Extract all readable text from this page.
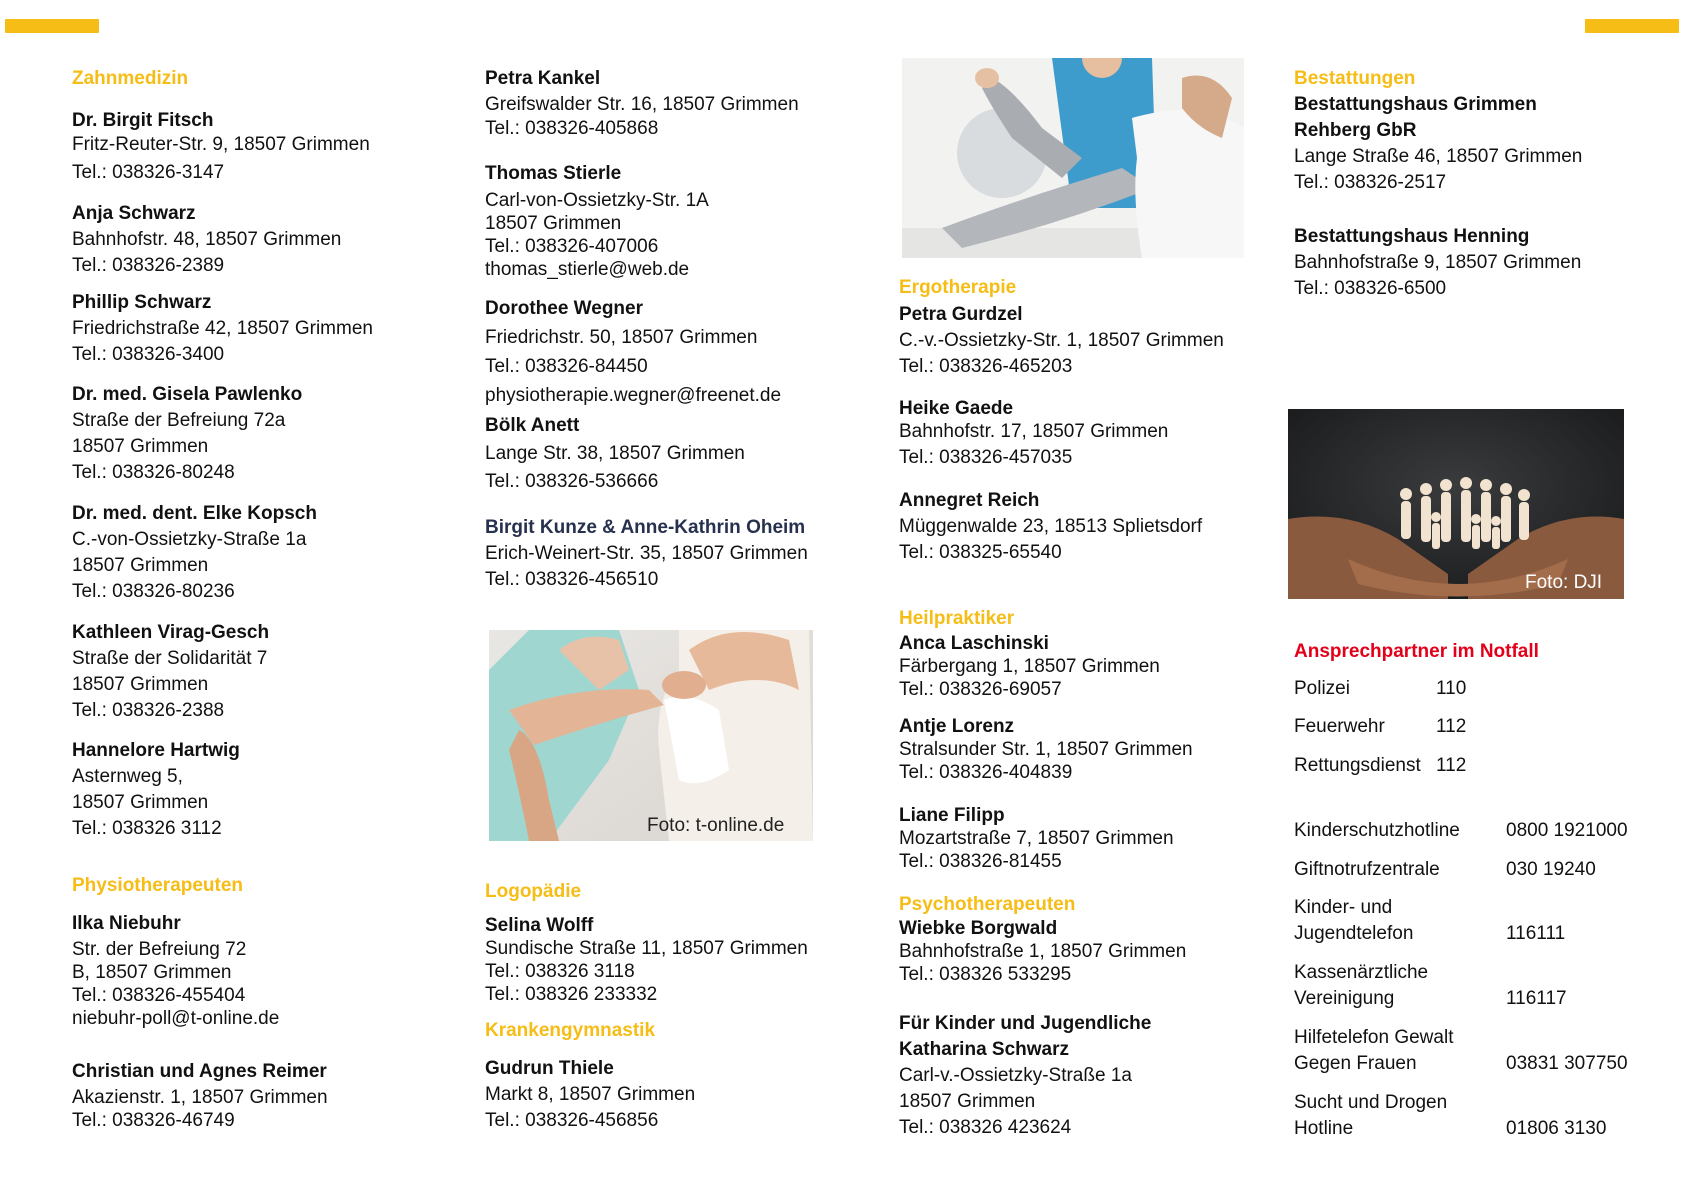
Zahnmedizin
Dr. Birgit Fitsch
Fritz-Reuter-Str. 9, 18507 Grimmen
Tel.: 038326-3147
Anja Schwarz
Bahnhofstr. 48, 18507 Grimmen
Tel.: 038326-2389
Phillip Schwarz
Friedrichstraße 42, 18507 Grimmen
Tel.: 038326-3400
Dr. med. Gisela Pawlenko
Straße der Befreiung 72a
18507 Grimmen
Tel.: 038326-80248
Dr. med. dent. Elke Kopsch
C.-von-Ossietzky-Straße 1a
18507 Grimmen
Tel.: 038326-80236
Kathleen Virag-Gesch
Straße der Solidarität 7
18507 Grimmen
Tel.: 038326-2388
Hannelore Hartwig
Asternweg 5,
18507 Grimmen
Tel.: 038326 3112
Physiotherapeuten
Ilka Niebuhr
Str. der Befreiung 72
B, 18507 Grimmen
Tel.: 038326-455404
niebuhr-poll@t-online.de
Christian und Agnes Reimer
Akazienstr. 1, 18507 Grimmen
Tel.: 038326-46749
Petra Kankel
Greifswalder Str. 16, 18507 Grimmen
Tel.: 038326-405868
Thomas Stierle
Carl-von-Ossietzky-Str. 1A
18507 Grimmen
Tel.: 038326-407006
thomas_stierle@web.de
Dorothee Wegner
Friedrichstr. 50, 18507 Grimmen
Tel.: 038326-84450
physiotherapie.wegner@freenet.de
Bölk Anett
Lange Str. 38, 18507 Grimmen
Tel.: 038326-536666
Birgit Kunze & Anne-Kathrin Oheim
Erich-Weinert-Str. 35, 18507 Grimmen
Tel.: 038326-456510
Foto: t-online.de
Logopädie
Selina Wolff
Sundische Straße 11, 18507 Grimmen
Tel.: 038326 3118
Tel.: 038326 233332
Krankengymnastik
Gudrun Thiele
Markt 8, 18507 Grimmen
Tel.: 038326-456856
Ergotherapie
Petra Gurdzel
C.-v.-Ossietzky-Str. 1, 18507 Grimmen
Tel.: 038326-465203
Heike Gaede
Bahnhofstr. 17, 18507 Grimmen
Tel.: 038326-457035
Annegret Reich
Müggenwalde 23, 18513 Splietsdorf
Tel.: 038325-65540
Heilpraktiker
Anca Laschinski
Färbergang 1, 18507 Grimmen
Tel.: 038326-69057
Antje Lorenz
Stralsunder Str. 1, 18507 Grimmen
Tel.: 038326-404839
Liane Filipp
Mozartstraße 7, 18507 Grimmen
Tel.: 038326-81455
Psychotherapeuten
Wiebke Borgwald
Bahnhofstraße 1, 18507 Grimmen
Tel.: 038326 533295
Für Kinder und Jugendliche
Katharina Schwarz
Carl-v.-Ossietzky-Straße 1a
18507 Grimmen
Tel.: 038326 423624
Bestattungen
Bestattungshaus Grimmen
Rehberg GbR
Lange Straße 46, 18507 Grimmen
Tel.: 038326-2517
Bestattungshaus Henning
Bahnhofstraße 9, 18507 Grimmen
Tel.: 038326-6500
Foto: DJI
Ansprechpartner im Notfall
Polizei	110
Feuerwehr	112
Rettungsdienst 112
Kinderschutzhotline 0800 1921000
Giftnotrufzentrale	030 19240
Kinder- und
Jugendtelefon	116111
Kassenärztliche
Vereinigung	116117
Hilfetelefon Gewalt
Gegen Frauen	03831 307750
Sucht und Drogen
Hotline	01806 3130
